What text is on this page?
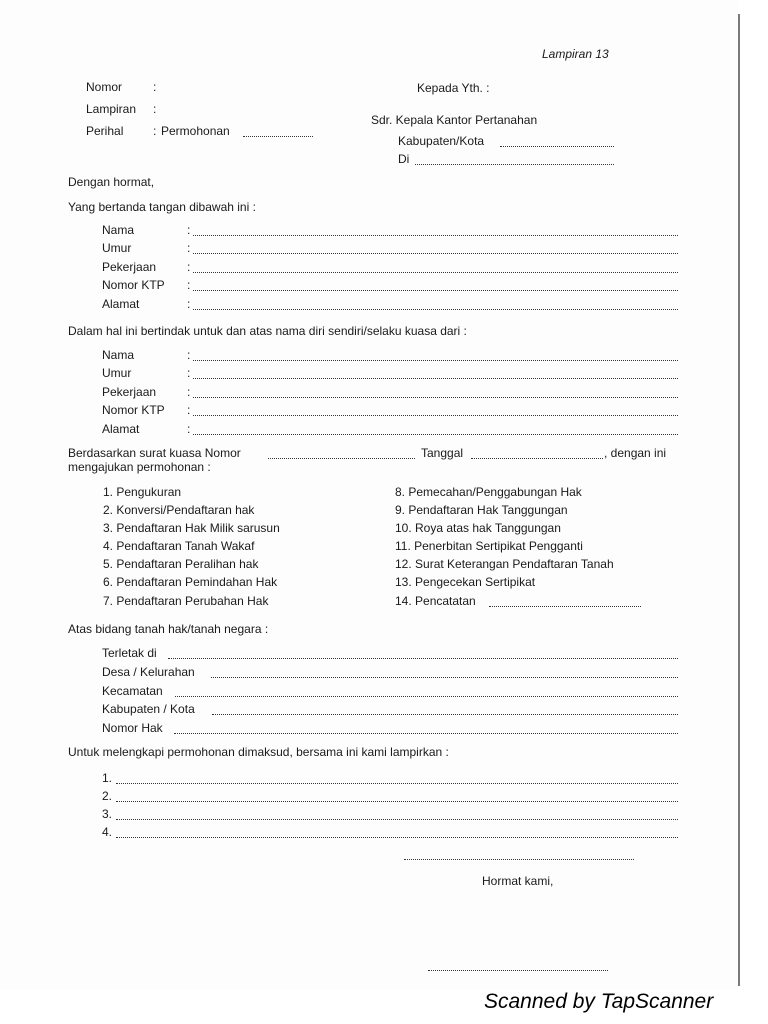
Lampiran 13
Nomor	:
Lampiran :
Perihal : Permohonan
Kepada Yth. :
Sdr. Kepala Kantor Pertanahan
Kabupaten/Kota
Di
Dengan hormat,
Yang bertanda tangan dibawah ini :
Nama	:
Umur	:
Pekerjaan	:
Nomor KTP :
Alamat	:
Dalam hal ini bertindak untuk dan atas nama diri sendiri/selaku kuasa dari :
Nama	:
Umur	:
Pekerjaan	:
Nomor KTP :
Alamat	:
Berdasarkan surat kuasa Nomor	Tanggal	, dengan ini
mengajukan permohonan :
1. Pengukuran
2. Konversi/Pendaftaran hak
3. Pendaftaran Hak Milik sarusun
4. Pendaftaran Tanah Wakaf
5. Pendaftaran Peralihan hak
6. Pendaftaran Pemindahan Hak
7. Pendaftaran Perubahan Hak
8. Pemecahan/Penggabungan Hak
9. Pendaftaran Hak Tanggungan
10. Roya atas hak Tanggungan
11. Penerbitan Sertipikat Pengganti
12. Surat Keterangan Pendaftaran Tanah
13. Pengecekan Sertipikat
14. Pencatatan
Atas bidang tanah hak/tanah negara :
Terletak di
Desa / Kelurahan
Kecamatan
Kabupaten / Kota
Nomor Hak
Untuk melengkapi permohonan dimaksud, bersama ini kami lampirkan :
1.
2.
3.
4.
Hormat kami,
Scanned by TapScanner
